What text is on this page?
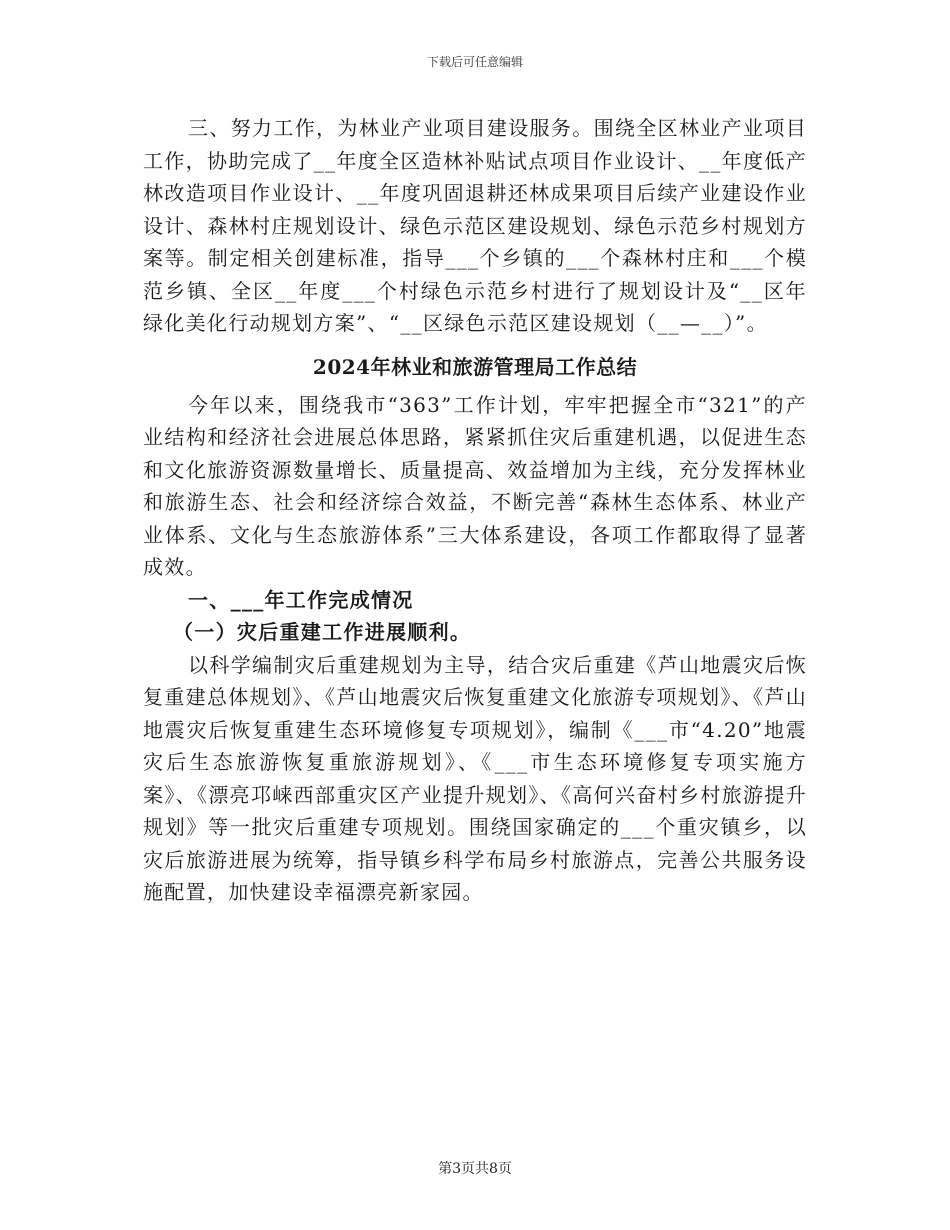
下载后可任意编辑

三、努力工作，为林业产业项目建设服务。围绕全区林业产业项目工作，协助完成了__年度全区造林补贴试点项目作业设计、__年度低产林改造项目作业设计、__年度巩固退耕还林成果项目后续产业建设作业设计、森林村庄规划设计、绿色示范区建设规划、绿色示范乡村规划方案等。制定相关创建标准，指导___个乡镇的___个森林村庄和___个模范乡镇、全区__年度___个村绿色示范乡村进行了规划设计及“__区年绿化美化行动规划方案”、“__区绿色示范区建设规划（__—__）”。

2024年林业和旅游管理局工作总结

今年以来，围绕我市“363”工作计划，牢牢把握全市“321”的产业结构和经济社会进展总体思路，紧紧抓住灾后重建机遇，以促进生态和文化旅游资源数量增长、质量提高、效益增加为主线，充分发挥林业和旅游生态、社会和经济综合效益，不断完善“森林生态体系、林业产业体系、文化与生态旅游体系”三大体系建设，各项工作都取得了显著成效。

一、___年工作完成情况

（一）灾后重建工作进展顺利。

以科学编制灾后重建规划为主导，结合灾后重建《芦山地震灾后恢复重建总体规划》、《芦山地震灾后恢复重建文化旅游专项规划》、《芦山地震灾后恢复重建生态环境修复专项规划》，编制《___市“4.20”地震灾后生态旅游恢复重旅游规划》、《___市生态环境修复专项实施方案》、《漂亮邛崃西部重灾区产业提升规划》、《高何兴奋村乡村旅游提升规划》等一批灾后重建专项规划。围绕国家确定的___个重灾镇乡，以灾后旅游进展为统筹，指导镇乡科学布局乡村旅游点，完善公共服务设施配置，加快建设幸福漂亮新家园。

第3页共8页
